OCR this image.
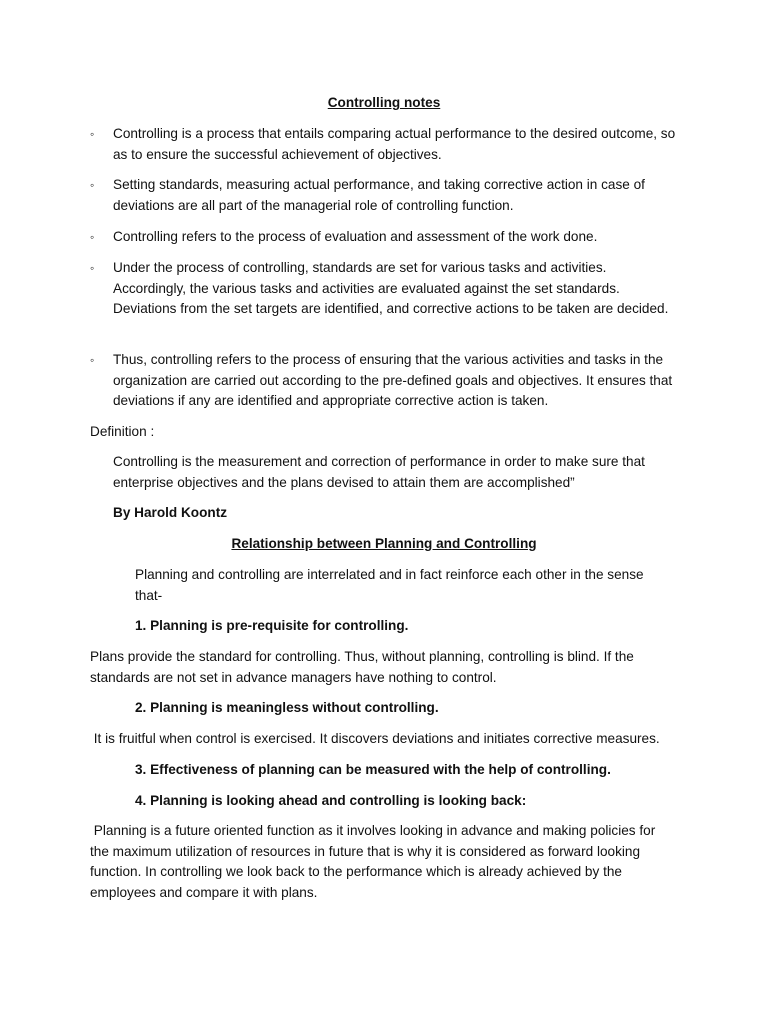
Controlling notes
◦ Controlling is a process that entails comparing actual performance to the desired outcome, so as to ensure the successful achievement of objectives.
◦ Setting standards, measuring actual performance, and taking corrective action in case of deviations are all part of the managerial role of controlling function.
◦ Controlling refers to the process of evaluation and assessment of the work done.
◦ Under the process of controlling, standards are set for various tasks and activities. Accordingly, the various tasks and activities are evaluated against the set standards. Deviations from the set targets are identified, and corrective actions to be taken are decided.
◦ Thus, controlling refers to the process of ensuring that the various activities and tasks in the organization are carried out according to the pre-defined goals and objectives. It ensures that deviations if any are identified and appropriate corrective action is taken.
Definition :
Controlling is the measurement and correction of performance in order to make sure that enterprise objectives and the plans devised to attain them are accomplished”
By Harold Koontz
Relationship between Planning and Controlling
Planning and controlling are interrelated and in fact reinforce each other in the sense that-
1. Planning is pre-requisite for controlling.
Plans provide the standard for controlling. Thus, without planning, controlling is blind. If the standards are not set in advance managers have nothing to control.
2. Planning is meaningless without controlling.
It is fruitful when control is exercised. It discovers deviations and initiates corrective measures.
3. Effectiveness of planning can be measured with the help of controlling.
4. Planning is looking ahead and controlling is looking back:
Planning is a future oriented function as it involves looking in advance and making policies for the maximum utilization of resources in future that is why it is considered as forward looking function. In controlling we look back to the performance which is already achieved by the employees and compare it with plans.
